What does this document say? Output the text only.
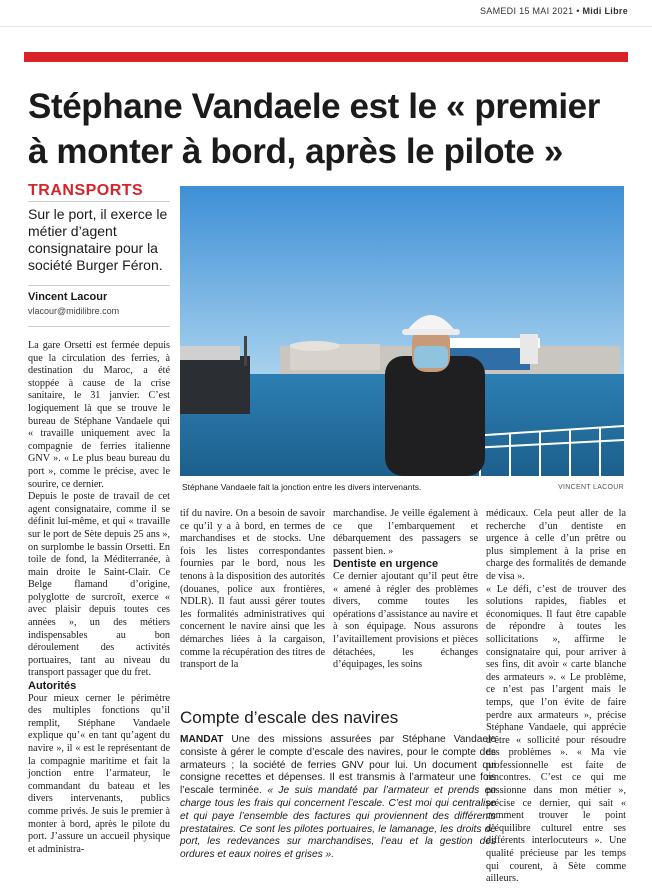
SAMEDI 15 MAI 2021 • Midi Libre
Stéphane Vandaele est le « premier à monter à bord, après le pilote »
TRANSPORTS
Sur le port, il exerce le métier d’agent consignataire pour la société Burger Féron.
Vincent Lacour
vlacour@midilibre.com
Stéphane Vandaele fait la jonction entre les divers intervenants.	VINCENT LACOUR

La gare Orsetti est fermée depuis que la circulation des ferries, à destination du Maroc, a été stoppée à cause de la crise sanitaire, le 31 janvier. C’est logiquement là que se trouve le bureau de Stéphane Vandaele qui « travaille uniquement avec la compagnie de ferries italienne GNV ». « Le plus beau bureau du port », comme le précise, avec le sourire, ce dernier.

Depuis le poste de travail de cet agent consignataire, comme il se définit lui-même, et qui « travaille sur le port de Sète depuis 25 ans », on surplombe le bassin Orsetti. En toile de fond, la Méditerranée, à main droite le Saint-Clair. Ce Belge flamand d’origine, polyglotte de surcroît, exerce « avec plaisir depuis toutes ces années », un des métiers indispensables au bon déroulement des activités portuaires, tant au niveau du transport passager que du fret.

Autorités

Pour mieux cerner le périmètre des multiples fonctions qu’il remplit, Stéphane Vandaele explique qu’« en tant qu’agent du navire », il « est le représentant de la compagnie maritime et fait la jonction entre l’armateur, le commandant du bateau et les divers intervenants, publics comme privés. Je suis le premier à monter à bord, après le pilote du port. J’assure un accueil physique et administra-

tif du navire. On a besoin de savoir ce qu’il y a à bord, en termes de marchandises et de stocks. Une fois les listes correspondantes fournies par le bord, nous les tenons à la disposition des autorités (douanes, police aux frontières, NDLR). Il faut aussi gérer toutes les formalités administratives qui concernent le navire ainsi que les démarches liées à la cargaison, comme la récupération des titres de transport de la

marchandise. Je veille également à ce que l’embarquement et débarquement des passagers se passent bien. »

Dentiste en urgence

Ce dernier ajoutant qu’il peut être « amené à régler des problèmes divers, comme toutes les opérations d’assistance au navire et à son équipage. Nous assurons l’avitaillement provisions et pièces détachées, les échanges d’équipages, les soins

médicaux. Cela peut aller de la recherche d’un dentiste en urgence à celle d’un prêtre ou plus simplement à la prise en charge des formalités de demande de visa ».

« Le défi, c’est de trouver des solutions rapides, fiables et économiques. Il faut être capable de répondre à toutes les sollicitations », affirme le consignataire qui, pour arriver à ses fins, dit avoir « carte blanche des armateurs ». « Le problème, ce n’est pas l’argent mais le temps, que l’on évite de faire perdre aux armateurs », précise Stéphane Vandaele, qui apprécie d’être « sollicité pour résoudre des problèmes ». « Ma vie professionnelle est faite de rencontres. C’est ce qui me passionne dans mon métier », précise ce dernier, qui sait « comment trouver le point d’équilibre culturel entre ses différents interlocuteurs ». Une qualité précieuse par les temps qui courent, à Sète comme ailleurs.

Compte d’escale des navires
MANDAT Une des missions assurées par Stéphane Vandaele consiste à gérer le compte d’escale des navires, pour le compte des armateurs ; la société de ferries GNV pour lui. Un document qui consigne recettes et dépenses. Il est transmis à l’armateur une fois l’escale terminée. « Je suis mandaté par l’armateur et prends en charge tous les frais qui concernent l’escale. C’est moi qui centralise et qui paye l’ensemble des factures qui proviennent des différents prestataires. Ce sont les pilotes portuaires, le lamanage, les droits de port, les redevances sur marchandises, l’eau et la gestion des ordures et eaux noires et grises ».
